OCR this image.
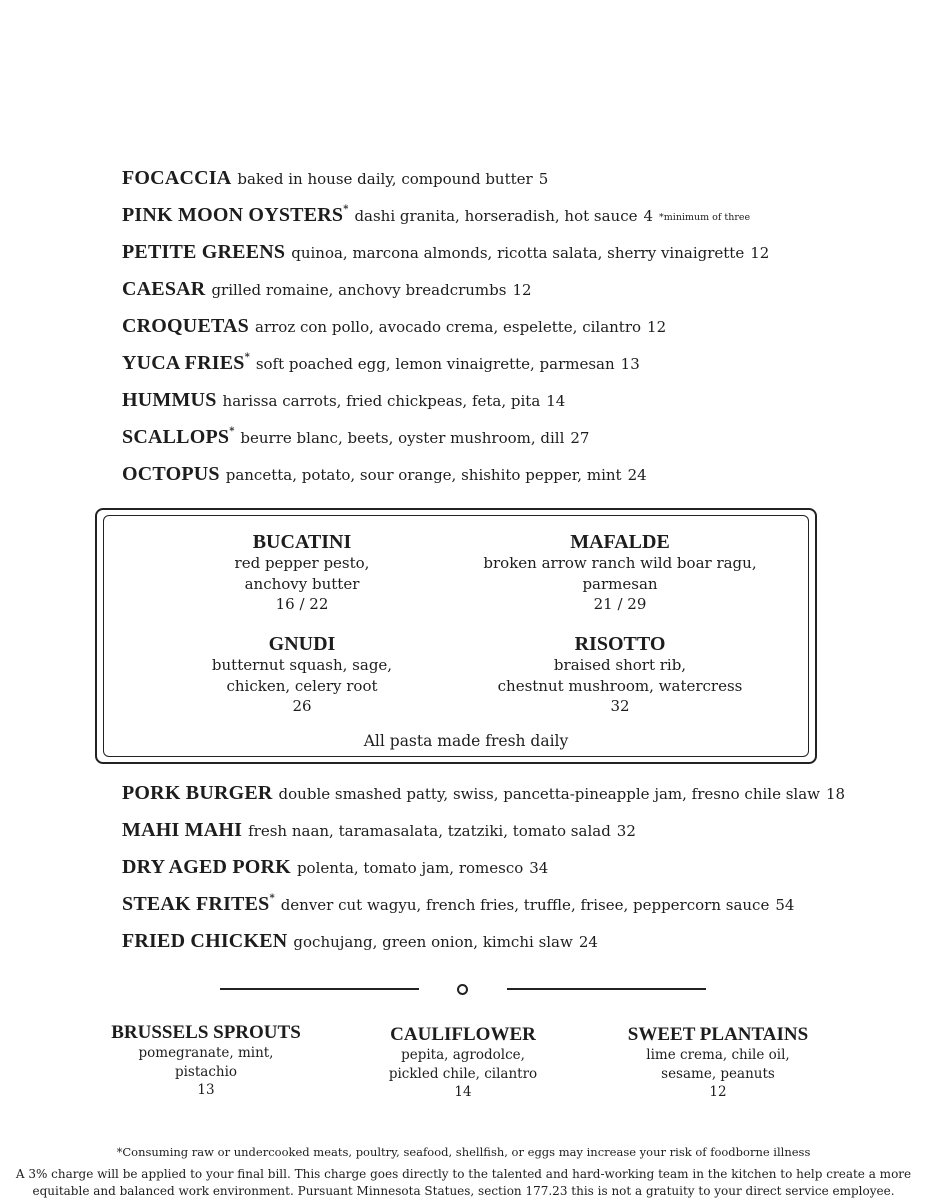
FOCACCIA baked in house daily, compound butter 5
PINK MOON OYSTERS* dashi granita, horseradish, hot sauce 4 *minimum of three
PETITE GREENS quinoa, marcona almonds, ricotta salata, sherry vinaigrette 12
CAESAR grilled romaine, anchovy breadcrumbs 12
CROQUETAS arroz con pollo, avocado crema, espelette, cilantro 12
YUCA FRIES* soft poached egg, lemon vinaigrette, parmesan 13
HUMMUS harissa carrots, fried chickpeas, feta, pita 14
SCALLOPS* beurre blanc, beets, oyster mushroom, dill 27
OCTOPUS pancetta, potato, sour orange, shishito pepper, mint 24
BUCATINI
red pepper pesto,
anchovy butter
16 / 22
MAFALDE
broken arrow ranch wild boar ragu,
parmesan
21 / 29
GNUDI
butternut squash, sage,
chicken, celery root
26
RISOTTO
braised short rib,
chestnut mushroom, watercress
32
All pasta made fresh daily
PORK BURGER double smashed patty, swiss, pancetta-pineapple jam, fresno chile slaw 18
MAHI MAHI fresh naan, taramasalata, tzatziki, tomato salad 32
DRY AGED PORK polenta, tomato jam, romesco 34
STEAK FRITES* denver cut wagyu, french fries, truffle, frisee, peppercorn sauce 54
FRIED CHICKEN gochujang, green onion, kimchi slaw 24
BRUSSELS SPROUTS
pomegranate, mint,
pistachio
13
CAULIFLOWER
pepita, agrodolce,
pickled chile, cilantro
14
SWEET PLANTAINS
lime crema, chile oil,
sesame, peanuts
12
*Consuming raw or undercooked meats, poultry, seafood, shellfish, or eggs may increase your risk of foodborne illness
A 3% charge will be applied to your final bill. This charge goes directly to the talented and hard-working team in the kitchen to help create a more
equitable and balanced work environment. Pursuant Minnesota Statues, section 177.23 this is not a gratuity to your direct service employee.
